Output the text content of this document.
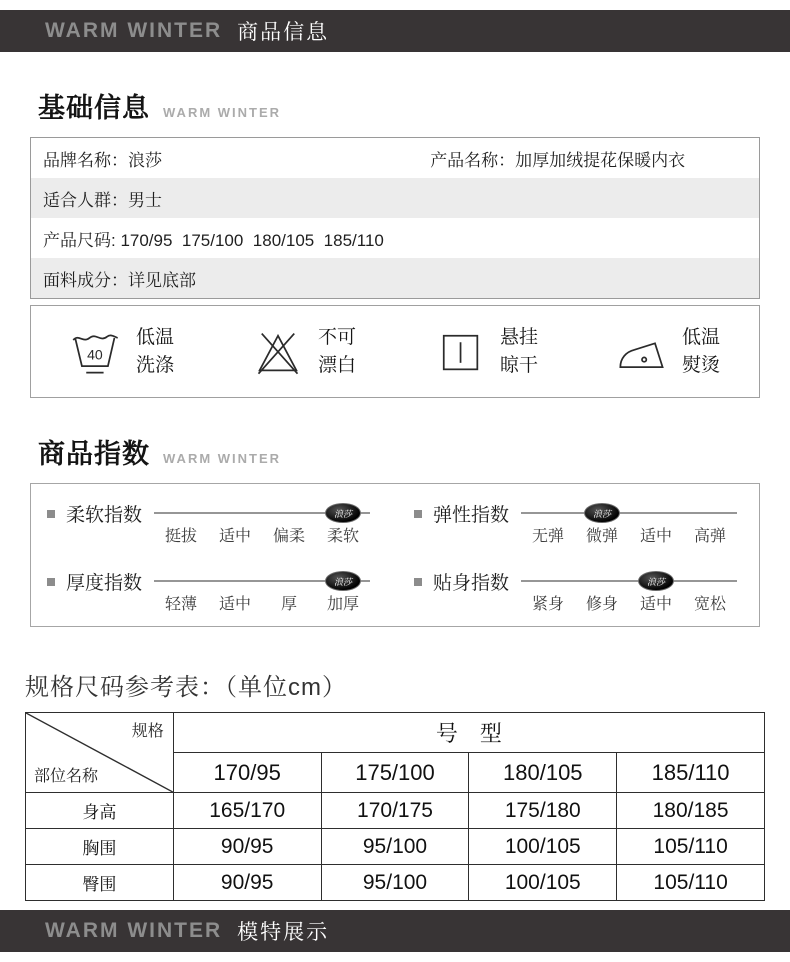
WARM WINTER 商品信息
基础信息 WARM WINTER
品牌名称：浪莎	产品名称：加厚加绒提花保暖内衣
适合人群：男士
产品尺码: 170/95  175/100  180/105  185/110
面料成分：详见底部
40
低温
洗涤
不可
漂白
悬挂
晾干
低温
熨烫
商品指数 WARM WINTER
柔软指数	浪莎
挺拔	适中	偏柔	柔软
弹性指数	浪莎
无弹	微弹	适中	高弹
厚度指数	浪莎
轻薄	适中	厚	加厚
贴身指数	浪莎
紧身	修身	适中	宽松
规格尺码参考表：（单位cm）
规格
部位名称	号　型			
	170/95	175/100	180/105	185/110
身高	165/170	170/175	175/180	180/185
胸围	90/95	95/100	100/105	105/110
臀围	90/95	95/100	100/105	105/110
WARM WINTER 模特展示
